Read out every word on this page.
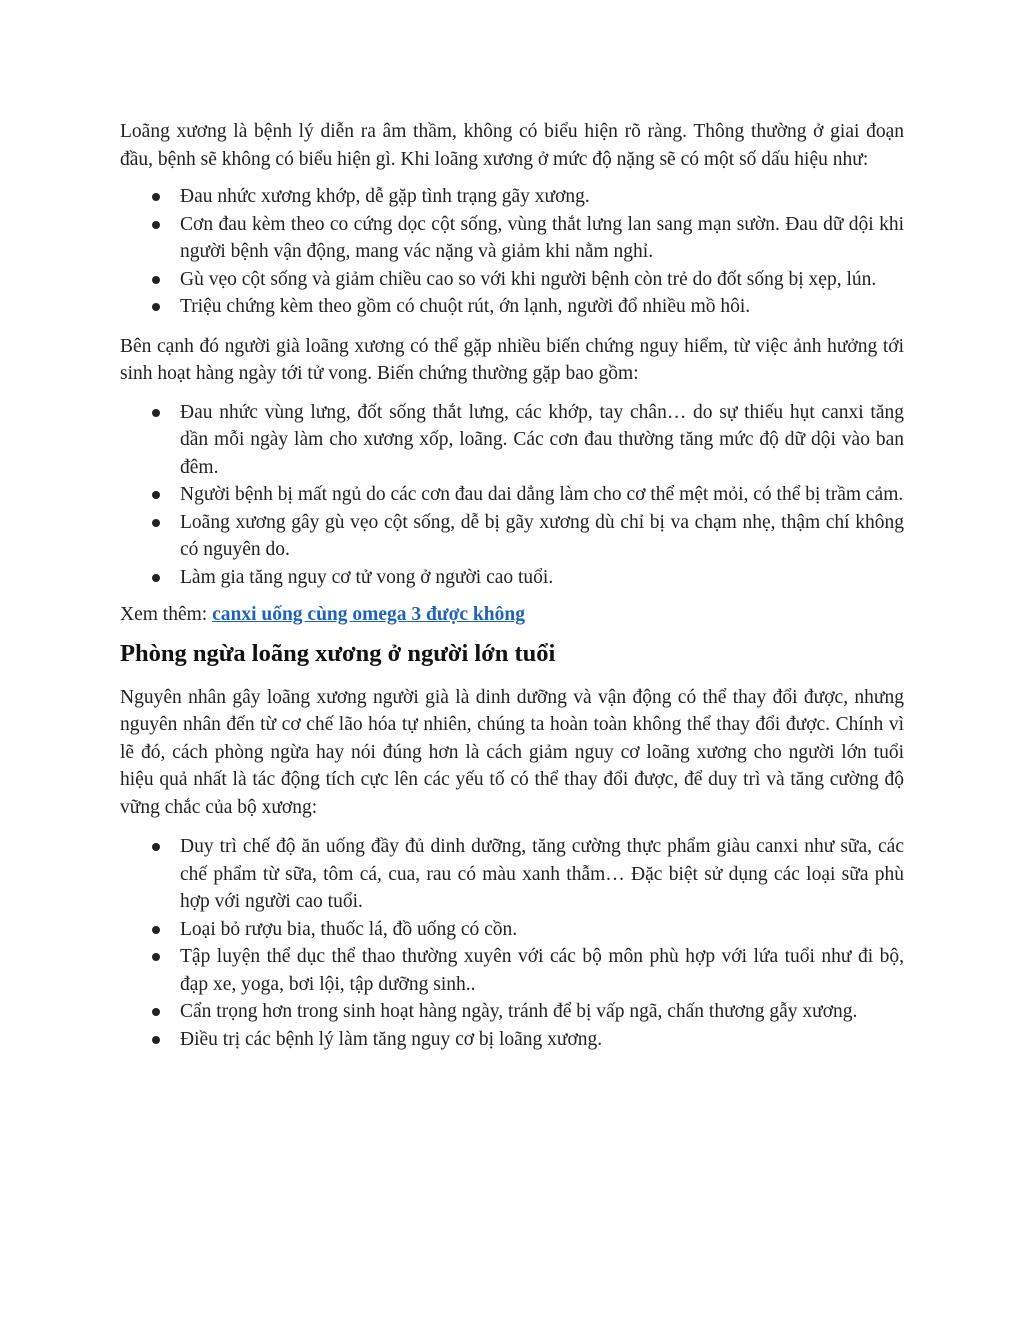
Loãng xương là bệnh lý diễn ra âm thầm, không có biểu hiện rõ ràng. Thông thường ở giai đoạn đầu, bệnh sẽ không có biểu hiện gì. Khi loãng xương ở mức độ nặng sẽ có một số dấu hiệu như:

Đau nhức xương khớp, dễ gặp tình trạng gãy xương.
Cơn đau kèm theo co cứng dọc cột sống, vùng thắt lưng lan sang mạn sườn. Đau dữ dội khi người bệnh vận động, mang vác nặng và giảm khi nằm nghỉ.
Gù vẹo cột sống và giảm chiều cao so với khi người bệnh còn trẻ do đốt sống bị xẹp, lún.
Triệu chứng kèm theo gồm có chuột rút, ớn lạnh, người đổ nhiều mồ hôi.

Bên cạnh đó người già loãng xương có thể gặp nhiều biến chứng nguy hiểm, từ việc ảnh hưởng tới sinh hoạt hàng ngày tới tử vong. Biến chứng thường gặp bao gồm:

Đau nhức vùng lưng, đốt sống thắt lưng, các khớp, tay chân… do sự thiếu hụt canxi tăng dần mỗi ngày làm cho xương xốp, loãng. Các cơn đau thường tăng mức độ dữ dội vào ban đêm.
Người bệnh bị mất ngủ do các cơn đau dai dẳng làm cho cơ thể mệt mỏi, có thể bị trầm cảm.
Loãng xương gây gù vẹo cột sống, dễ bị gãy xương dù chỉ bị va chạm nhẹ, thậm chí không có nguyên do.
Làm gia tăng nguy cơ tử vong ở người cao tuổi.

Xem thêm: canxi uống cùng omega 3 được không

Phòng ngừa loãng xương ở người lớn tuổi

Nguyên nhân gây loãng xương người già là dinh dưỡng và vận động có thể thay đổi được, nhưng nguyên nhân đến từ cơ chế lão hóa tự nhiên, chúng ta hoàn toàn không thể thay đổi được. Chính vì lẽ đó, cách phòng ngừa hay nói đúng hơn là cách giảm nguy cơ loãng xương cho người lớn tuổi hiệu quả nhất là tác động tích cực lên các yếu tố có thể thay đổi được, để duy trì và tăng cường độ vững chắc của bộ xương:

Duy trì chế độ ăn uống đầy đủ dinh dưỡng, tăng cường thực phẩm giàu canxi như sữa, các chế phẩm từ sữa, tôm cá, cua, rau có màu xanh thẫm… Đặc biệt sử dụng các loại sữa phù hợp với người cao tuổi.
Loại bỏ rượu bia, thuốc lá, đồ uống có cồn.
Tập luyện thể dục thể thao thường xuyên với các bộ môn phù hợp với lứa tuổi như đi bộ, đạp xe, yoga, bơi lội, tập dưỡng sinh..
Cẩn trọng hơn trong sinh hoạt hàng ngày, tránh để bị vấp ngã, chấn thương gẫy xương.
Điều trị các bệnh lý làm tăng nguy cơ bị loãng xương.
